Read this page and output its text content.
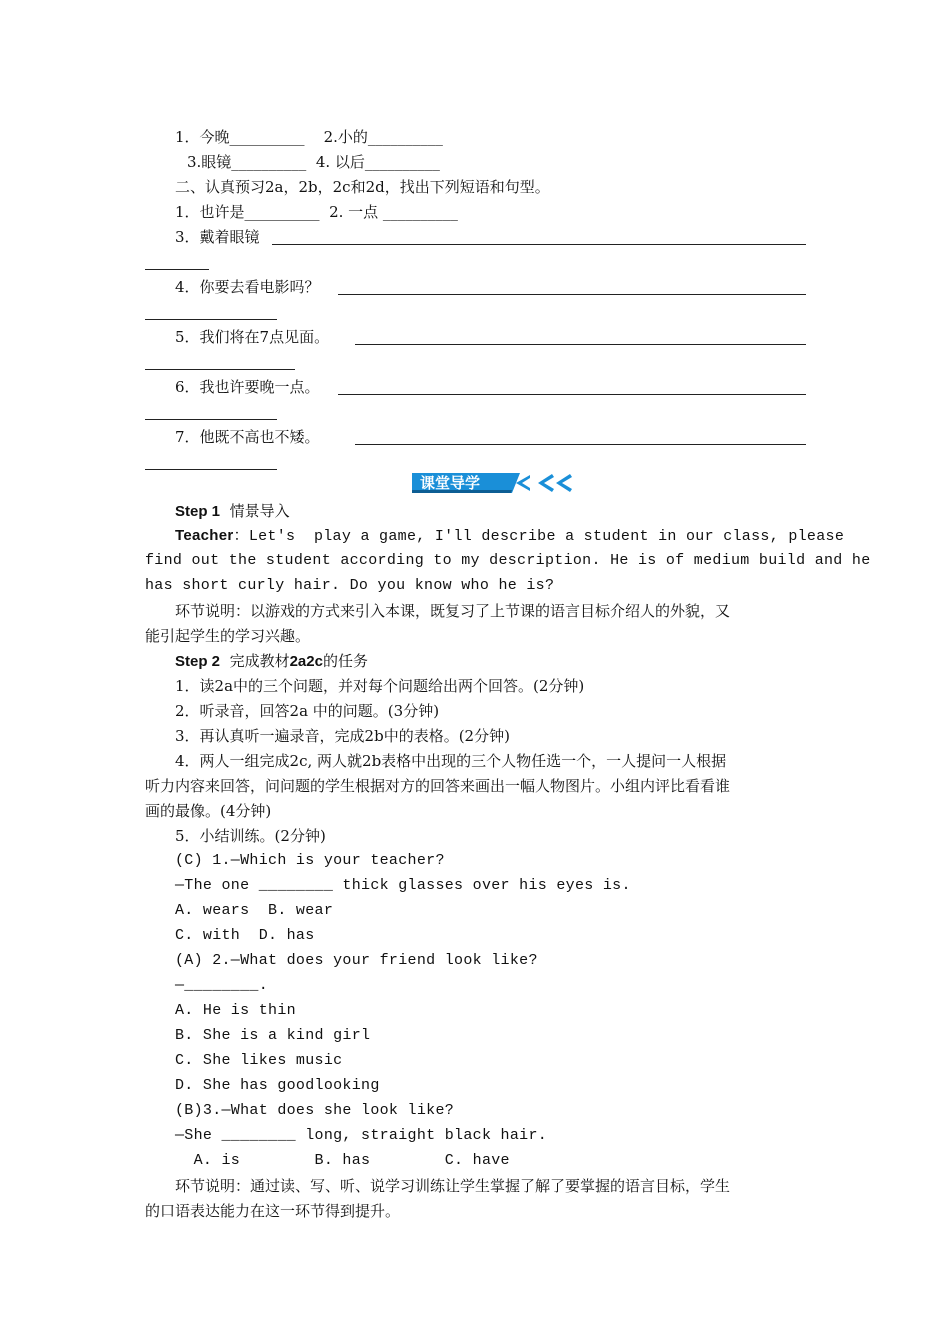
1．今晚__________    2.小的__________
3.眼镜__________  4. 以后__________
二、认真预习2a，2b，2c和2d，找出下列短语和句型。
1．也许是__________  2. 一点 __________
3．戴着眼镜
4．你要去看电影吗？
5．我们将在7点见面。
6．我也许要晚一点。
7．他既不高也不矮。
课堂导学
Step 1 情景导入
Teacher：Let's  play a game, I'll describe a student in our class, please
find out the student according to my description. He is of medium build and he
has short curly hair. Do you know who he is?
环节说明：以游戏的方式来引入本课，既复习了上节课的语言目标介绍人的外貌，又
能引起学生的学习兴趣。
Step 2 完成教材2a2c的任务
1．读2a中的三个问题，并对每个问题给出两个回答。(2分钟)
2．听录音，回答2a 中的问题。(3分钟)
3．再认真听一遍录音，完成2b中的表格。(2分钟)
4．两人一组完成2c, 两人就2b表格中出现的三个人物任选一个，一人提问一人根据
听力内容来回答，问问题的学生根据对方的回答来画出一幅人物图片。小组内评比看看谁
画的最像。(4分钟)
5．小结训练。(2分钟)
(C) 1.—Which is your teacher?
—The one ________ thick glasses over his eyes is.
A. wears  B. wear
C. with  D. has
(A) 2.—What does your friend look like?
—________.
A. He is thin
B. She is a kind girl
C. She likes music
D. She has goodlooking
(B)3.—What does she look like?
—She ________ long, straight black hair.
A. is        B. has        C. have
环节说明：通过读、写、听、说学习训练让学生掌握了解了要掌握的语言目标，学生
的口语表达能力在这一环节得到提升。
